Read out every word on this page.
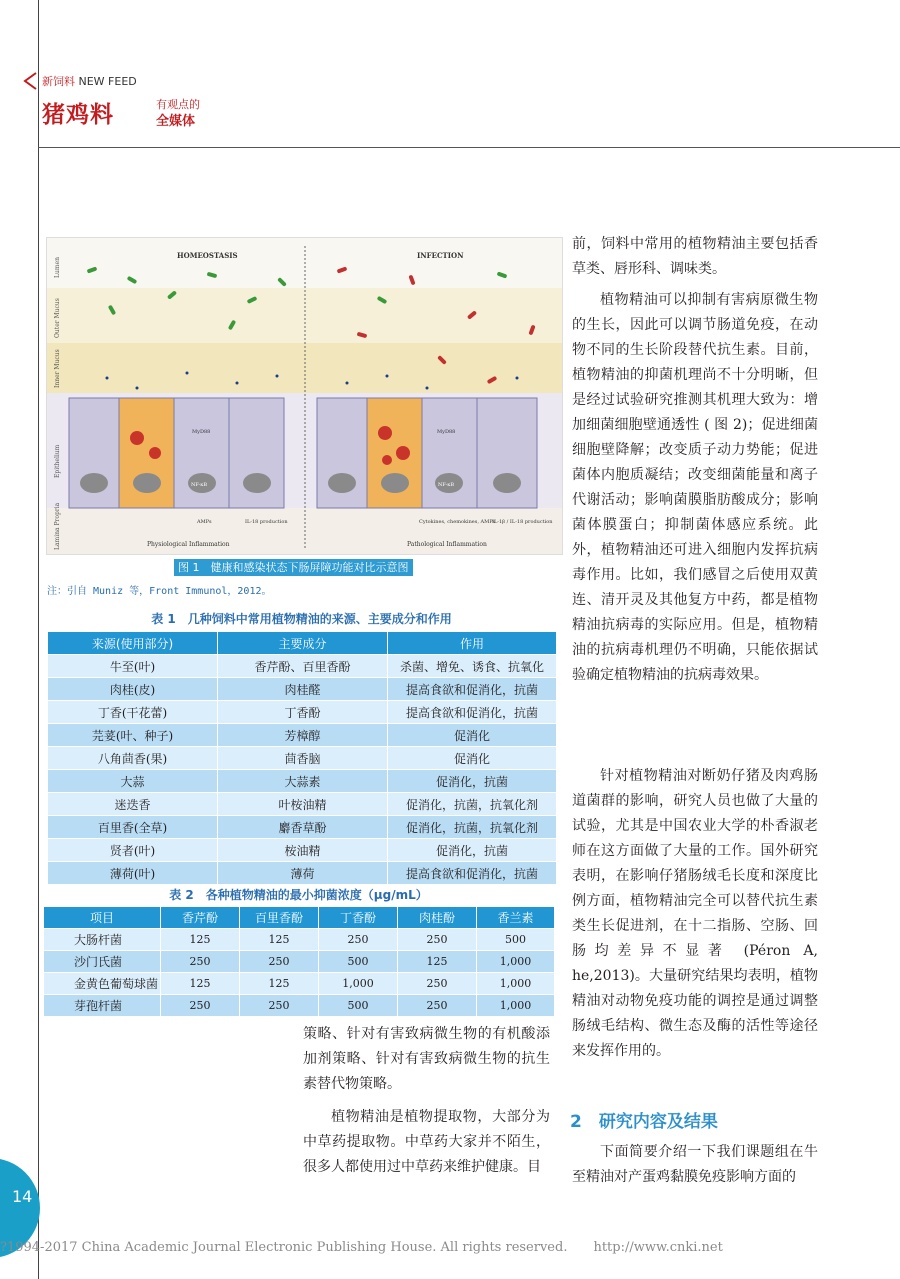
新饲料 NEW FEED
猪鸡料	有观点的
全媒体
Lumen
Outer Mucus
Inner Mucus
Epithelium
Lamina Propria
HOMEOSTASIS	INFECTION
NF-κB	NF-κB
MyD88	MyD88
AMPs	IL-18 production	Cytokines, chemokines, AMPs
IL-1β / IL-18 production
Physiological Inflammation	Pathological Inflammation
图 1　健康和感染状态下肠屏障功能对比示意图
注：引自 Muniz 等，Front Immunol，2012。
表 1　几种饲料中常用植物精油的来源、主要成分和作用
来源(使用部分)	主要成分	作用
牛至(叶)	香芹酚、百里香酚	杀菌、增免、诱食、抗氧化
肉桂(皮)	肉桂醛	提高食欲和促消化，抗菌
丁香(干花蕾)	丁香酚	提高食欲和促消化，抗菌
芫荽(叶、种子)	芳樟醇	促消化
八角茴香(果)	茴香脑	促消化
大蒜	大蒜素	促消化，抗菌
迷迭香	叶桉油精	促消化，抗菌，抗氧化剂
百里香(全草)	麝香草酚	促消化，抗菌，抗氧化剂
贤者(叶)	桉油精	促消化，抗菌
薄荷(叶)	薄荷	提高食欲和促消化，抗菌
表 2　各种植物精油的最小抑菌浓度（μg/mL）
项目	香芹酚	百里香酚	丁香酚	肉桂酚	香兰素
大肠杆菌	125	125	250	250	500
沙门氏菌	250	250	500	125	1,000
金黄色葡萄球菌	125	125	1,000	250	1,000
芽孢杆菌	250	250	500	250	1,000

策略、针对有害致病微生物的有机酸添加剂策略、针对有害致病微生物的抗生素替代物策略。

植物精油是植物提取物，大部分为中草药提取物。中草药大家并不陌生，很多人都使用过中草药来维护健康。目

前，饲料中常用的植物精油主要包括香草类、唇形科、调味类。

植物精油可以抑制有害病原微生物的生长，因此可以调节肠道免疫，在动物不同的生长阶段替代抗生素。目前，植物精油的抑菌机理尚不十分明晰，但是经过试验研究推测其机理大致为：增加细菌细胞壁通透性 ( 图 2)；促进细菌细胞壁降解；改变质子动力势能；促进菌体内胞质凝结；改变细菌能量和离子代谢活动；影响菌膜脂肪酸成分；影响菌体膜蛋白；抑制菌体感应系统。此外，植物精油还可进入细胞内发挥抗病毒作用。比如，我们感冒之后使用双黄连、清开灵及其他复方中药，都是植物精油抗病毒的实际应用。但是，植物精油的抗病毒机理仍不明确，只能依据试验确定植物精油的抗病毒效果。

针对植物精油对断奶仔猪及肉鸡肠道菌群的影响，研究人员也做了大量的试验，尤其是中国农业大学的朴香淑老师在这方面做了大量的工作。国外研究表明，在影响仔猪肠绒毛长度和深度比例方面，植物精油完全可以替代抗生素类生长促进剂，在十二指肠、空肠、回肠均差异不显著 (Péron A, he,2013)。大量研究结果均表明，植物精油对动物免疫功能的调控是通过调整肠绒毛结构、微生态及酶的活性等途径来发挥作用的。

2　研究内容及结果

下面简要介绍一下我们课题组在牛至精油对产蛋鸡黏膜免疫影响方面的

14
?1994-2017 China Academic Journal Electronic Publishing House. All rights reserved.　　http://www.cnki.net
